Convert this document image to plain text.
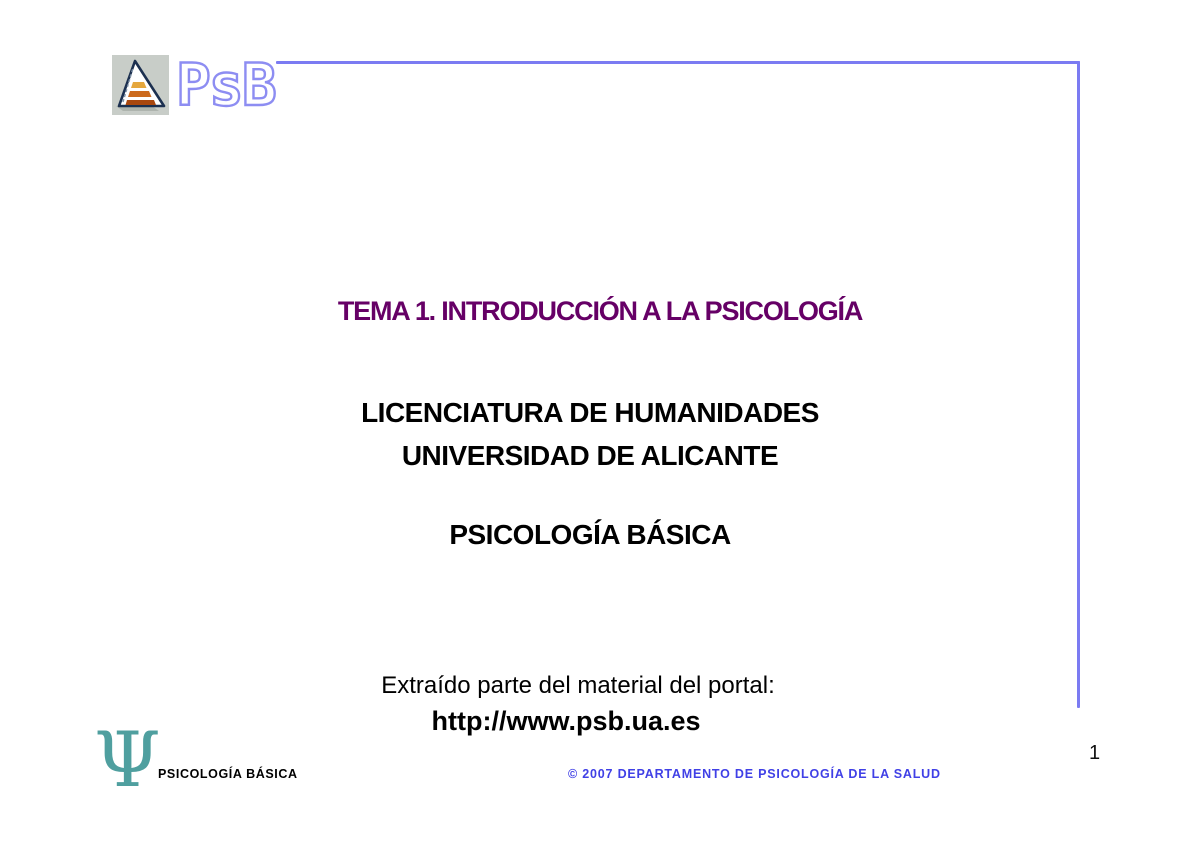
PsB
TEMA 1. INTRODUCCIÓN A LA PSICOLOGÍA
LICENCIATURA DE HUMANIDADES
UNIVERSIDAD DE ALICANTE
PSICOLOGÍA BÁSICA
Extraído parte del material del portal:
http://www.psb.ua.es
Ψ
PSICOLOGÍA BÁSICA	© 2007 DEPARTAMENTO DE PSICOLOGÍA DE LA SALUD
1
